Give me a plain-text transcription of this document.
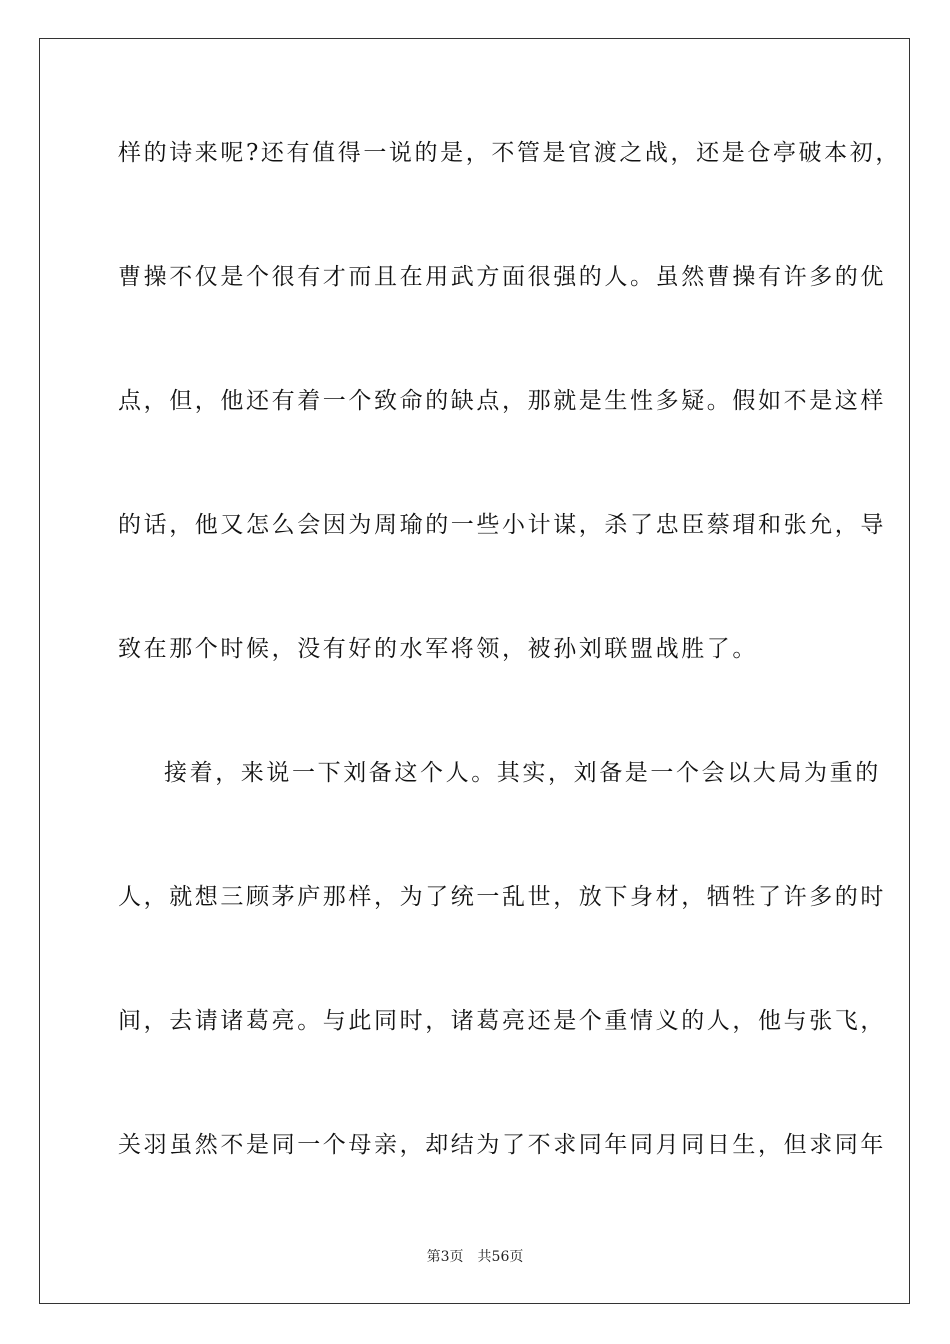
样的诗来呢?还有值得一说的是，不管是官渡之战，还是仓亭破本初，
曹操不仅是个很有才而且在用武方面很强的人。虽然曹操有许多的优
点，但，他还有着一个致命的缺点，那就是生性多疑。假如不是这样
的话，他又怎么会因为周瑜的一些小计谋，杀了忠臣蔡瑁和张允，导
致在那个时候，没有好的水军将领，被孙刘联盟战胜了。
接着，来说一下刘备这个人。其实，刘备是一个会以大局为重的
人，就想三顾茅庐那样，为了统一乱世，放下身材，牺牲了许多的时
间，去请诸葛亮。与此同时，诸葛亮还是个重情义的人，他与张飞，
关羽虽然不是同一个母亲，却结为了不求同年同月同日生，但求同年
第3页 共56页
